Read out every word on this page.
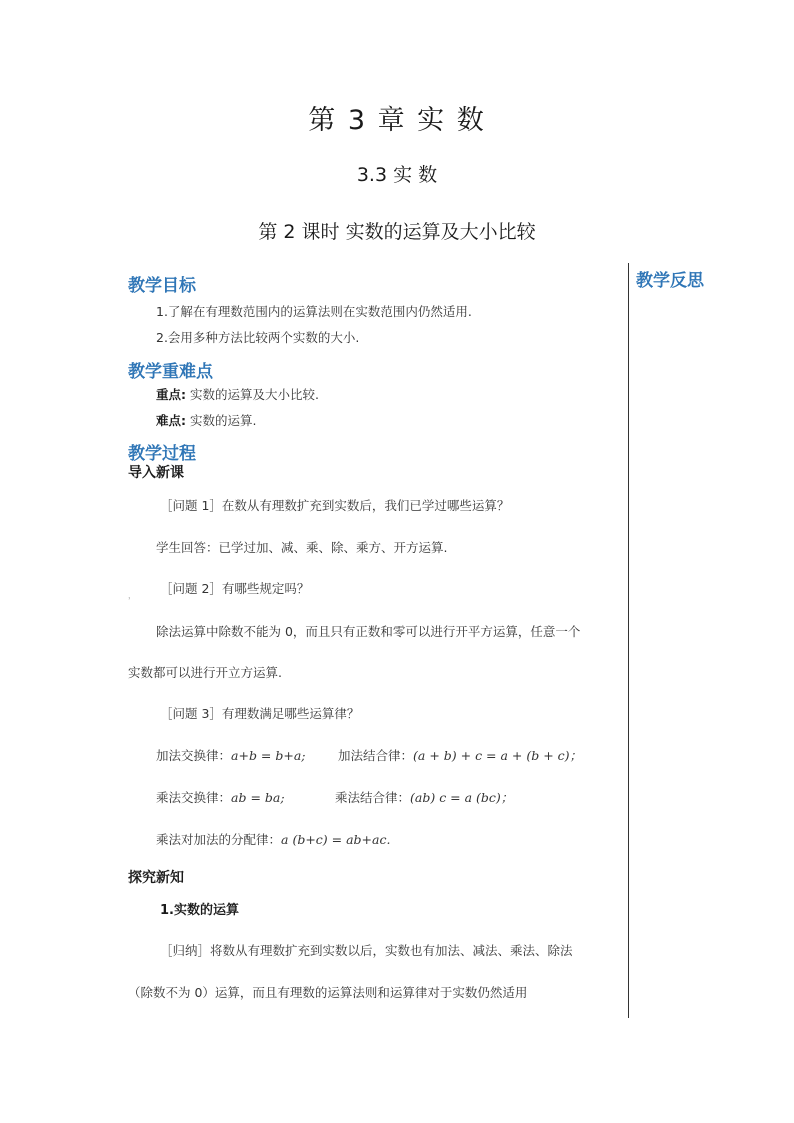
第 3 章 实 数
3.3 实 数
第 2 课时 实数的运算及大小比较
教学反思
教学目标
1.了解在有理数范围内的运算法则在实数范围内仍然适用.
2.会用多种方法比较两个实数的大小.
教学重难点
重点: 实数的运算及大小比较.
难点: 实数的运算.
教学过程
导入新课
［问题 1］在数从有理数扩充到实数后，我们已学过哪些运算？
学生回答：已学过加、减、乘、除、乘方、开方运算.
， ［问题 2］有哪些规定吗？
除法运算中除数不能为 0，而且只有正数和零可以进行开平方运算，任意一个
实数都可以进行开立方运算.
［问题 3］有理数满足哪些运算律？
加法交换律：a+b = b+a;	加法结合律：(a + b) + c = a + (b + c)；
乘法交换律：ab = ba;	乘法结合律：(ab) c = a (bc)；
乘法对加法的分配律：a (b+c) = ab+ac.
探究新知
1.实数的运算
［归纳］将数从有理数扩充到实数以后，实数也有加法、减法、乘法、除法
（除数不为 0）运算，而且有理数的运算法则和运算律对于实数仍然适用
